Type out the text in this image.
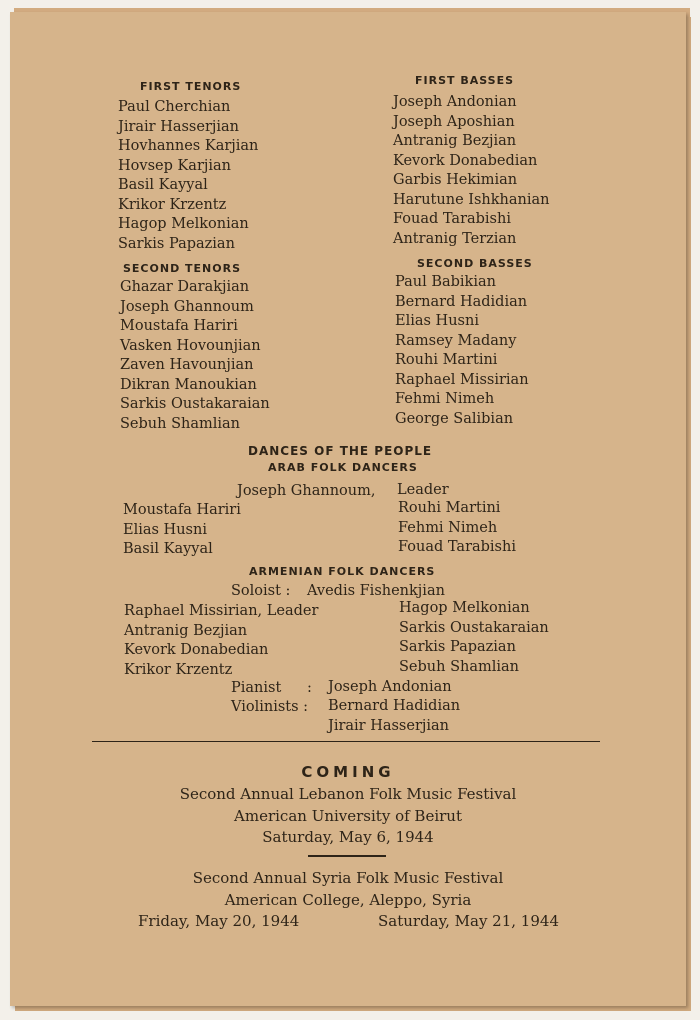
FIRST TENORS
Paul Cherchian
Jirair Hasserjian
Hovhannes Karjian
Hovsep Karjian
Basil Kayyal
Krikor Krzentz
Hagop Melkonian
Sarkis Papazian
SECOND TENORS
Ghazar Darakjian
Joseph Ghannoum
Moustafa Hariri
Vasken Hovounjian
Zaven Havounjian
Dikran Manoukian
Sarkis Oustakaraian
Sebuh Shamlian
FIRST BASSES
Joseph Andonian
Joseph Aposhian
Antranig Bezjian
Kevork Donabedian
Garbis Hekimian
Harutune Ishkhanian
Fouad Tarabishi
Antranig Terzian
SECOND BASSES
Paul Babikian
Bernard Hadidian
Elias Husni
Ramsey Madany
Rouhi Martini
Raphael Missirian
Fehmi Nimeh
George Salibian
DANCES OF THE PEOPLE
ARAB FOLK DANCERS
Joseph Ghannoum, Leader
Moustafa Hariri
Elias Husni
Basil Kayyal
Rouhi Martini
Fehmi Nimeh
Fouad Tarabishi
ARMENIAN FOLK DANCERS
Soloist : Avedis Fishenkjian
Raphael Missirian, Leader
Antranig Bezjian
Kevork Donabedian
Krikor Krzentz
Hagop Melkonian
Sarkis Oustakaraian
Sarkis Papazian
Sebuh Shamlian
Pianist : Joseph Andonian
Violinists : Bernard Hadidian
Jirair Hasserjian
COMING
Second Annual Lebanon Folk Music Festival
American University of Beirut
Saturday, May 6, 1944
Second Annual Syria Folk Music Festival
American College, Aleppo, Syria
Friday, May 20, 1944	Saturday, May 21, 1944
